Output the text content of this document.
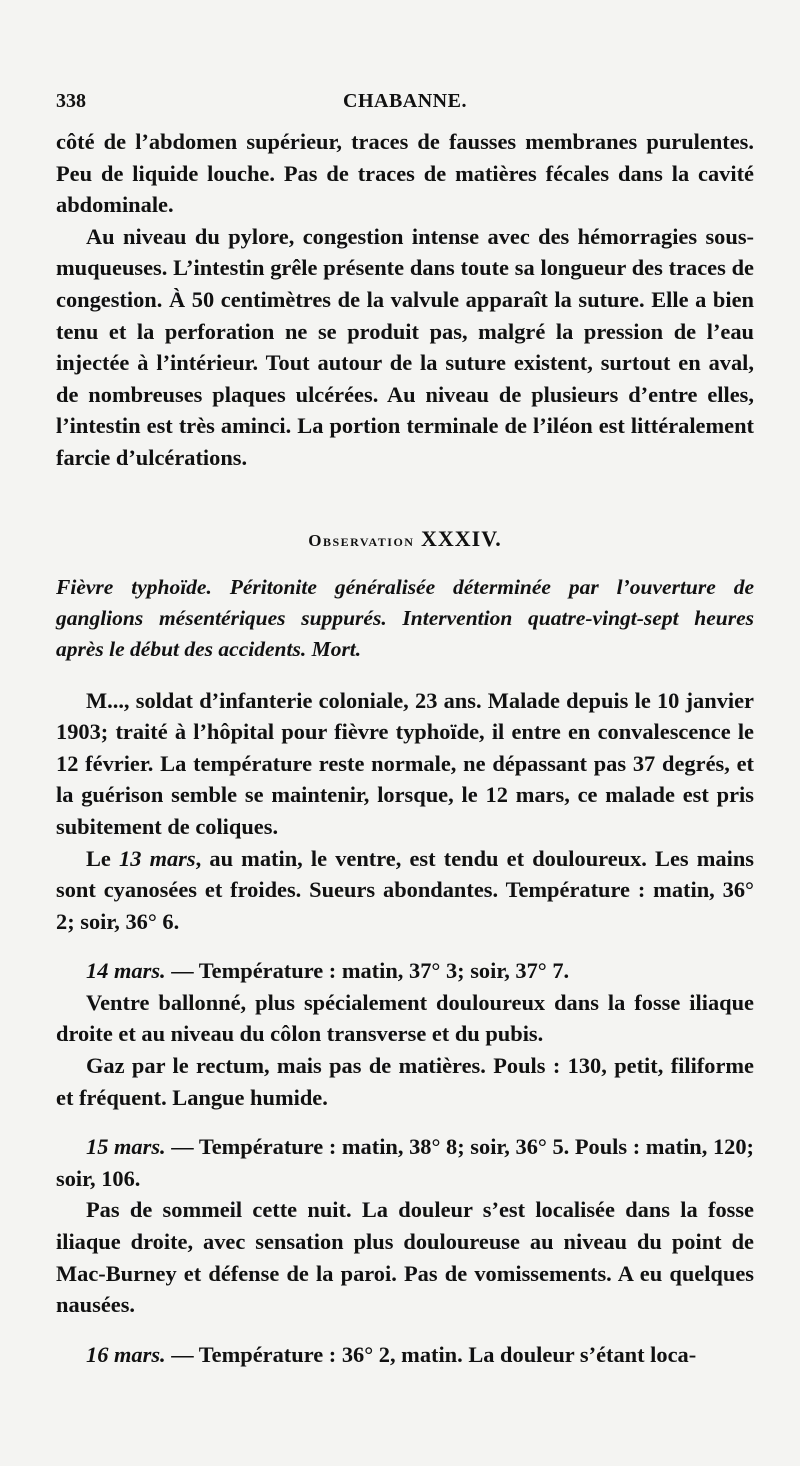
338	CHABANNE.

côté de l’abdomen supérieur, traces de fausses membranes purulentes. Peu de liquide louche. Pas de traces de matières fécales dans la cavité abdominale.

Au niveau du pylore, congestion intense avec des hémorragies sous-muqueuses. L’intestin grêle présente dans toute sa longueur des traces de congestion. À 50 centimètres de la valvule apparaît la suture. Elle a bien tenu et la perforation ne se produit pas, malgré la pression de l’eau injectée à l’intérieur. Tout autour de la suture existent, surtout en aval, de nombreuses plaques ulcérées. Au niveau de plusieurs d’entre elles, l’intestin est très aminci. La portion terminale de l’iléon est littéralement farcie d’ulcérations.

Observation XXXIV.

Fièvre typhoïde. Péritonite généralisée déterminée par l’ouverture de ganglions mésentériques suppurés. Intervention quatre-vingt-sept heures après le début des accidents. Mort.

M..., soldat d’infanterie coloniale, 23 ans. Malade depuis le 10 janvier 1903; traité à l’hôpital pour fièvre typhoïde, il entre en convalescence le 12 février. La température reste normale, ne dépassant pas 37 degrés, et la guérison semble se maintenir, lorsque, le 12 mars, ce malade est pris subitement de coliques.

Le 13 mars, au matin, le ventre, est tendu et douloureux. Les mains sont cyanosées et froides. Sueurs abondantes. Température : matin, 36° 2; soir, 36° 6.

14 mars. — Température : matin, 37° 3; soir, 37° 7.

Ventre ballonné, plus spécialement douloureux dans la fosse iliaque droite et au niveau du côlon transverse et du pubis.

Gaz par le rectum, mais pas de matières. Pouls : 130, petit, filiforme et fréquent. Langue humide.

15 mars. — Température : matin, 38° 8; soir, 36° 5. Pouls : matin, 120; soir, 106.

Pas de sommeil cette nuit. La douleur s’est localisée dans la fosse iliaque droite, avec sensation plus douloureuse au niveau du point de Mac-Burney et défense de la paroi. Pas de vomissements. A eu quelques nausées.

16 mars. — Température : 36° 2, matin. La douleur s’étant loca-
